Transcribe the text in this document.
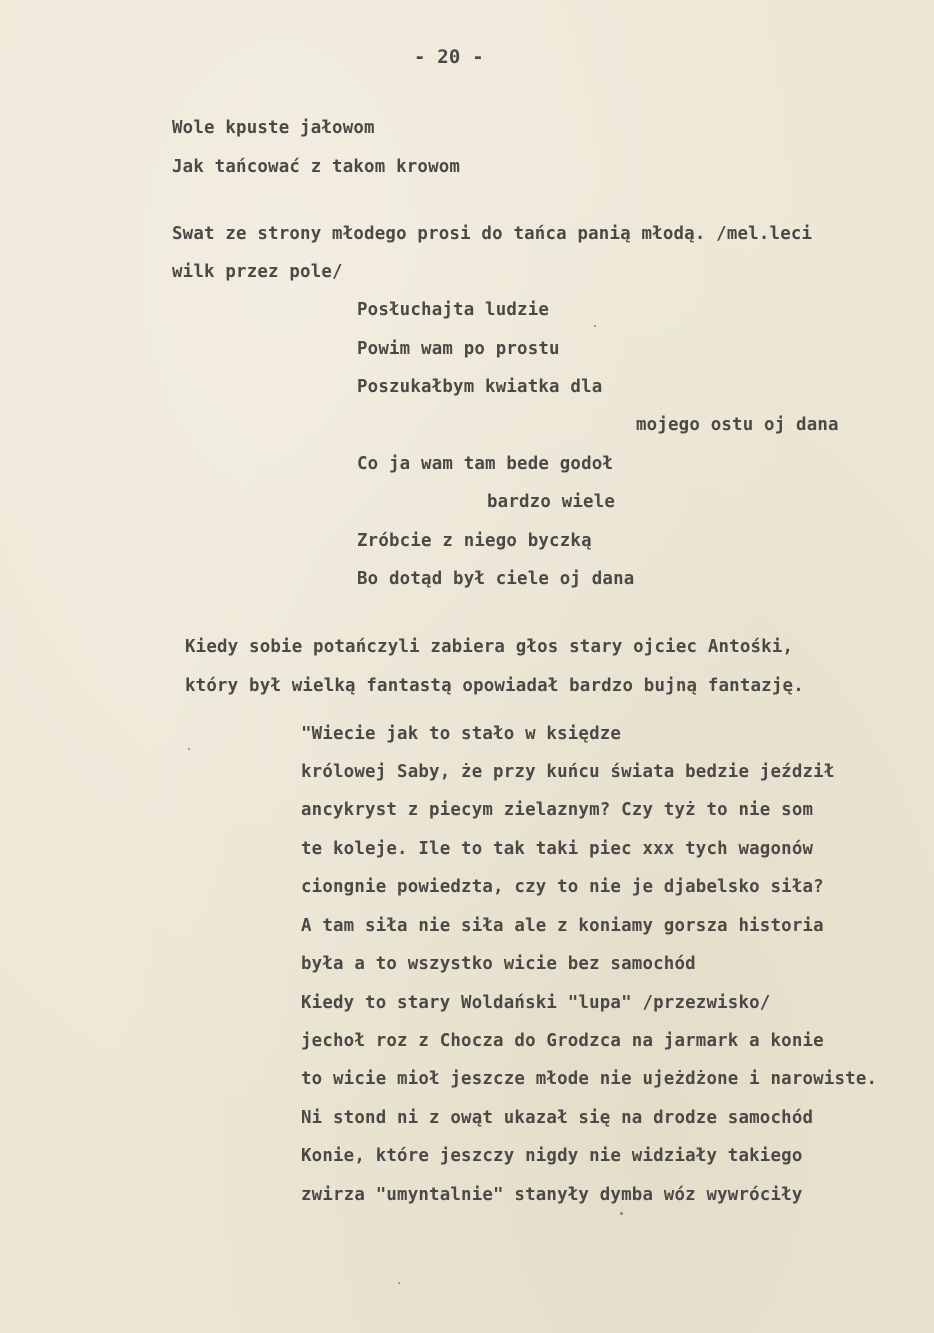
- 20 -
Wole kpuste jałowom
Jak tańcować z takom krowom
Swat ze strony młodego prosi do tańca panią młodą. /mel.leci
wilk przez pole/
Posłuchajta ludzie
Powim wam po prostu
Poszukałbym kwiatka dla
mojego ostu oj dana
Co ja wam tam bede godoł
bardzo wiele
Zróbcie z niego byczką
Bo dotąd był ciele oj dana
Kiedy sobie potańczyli zabiera głos stary ojciec Antośki,
który był wielką fantastą opowiadał bardzo bujną fantazję.
"Wiecie jak to stało w księdze
królowej Saby, że przy kuńcu świata bedzie jeździł
ancykryst z piecym zielaznym? Czy tyż to nie som
te koleje. Ile to tak taki piec xxx tych wagonów
ciongnie powiedzta, czy to nie je djabelsko siła?
A tam siła nie siła ale z koniamy gorsza historia
była a to wszystko wicie bez samochód
Kiedy to stary Woldański "lupa" /przezwisko/
jechoł roz z Chocza do Grodzca na jarmark a konie
to wicie mioł jeszcze młode nie ujeżdżone i narowiste.
Ni stond ni z owąt ukazał się na drodze samochód
Konie, które jeszczy nigdy nie widziały takiego
zwirza "umyntalnie" stanyły dymba wóz wywróciły
